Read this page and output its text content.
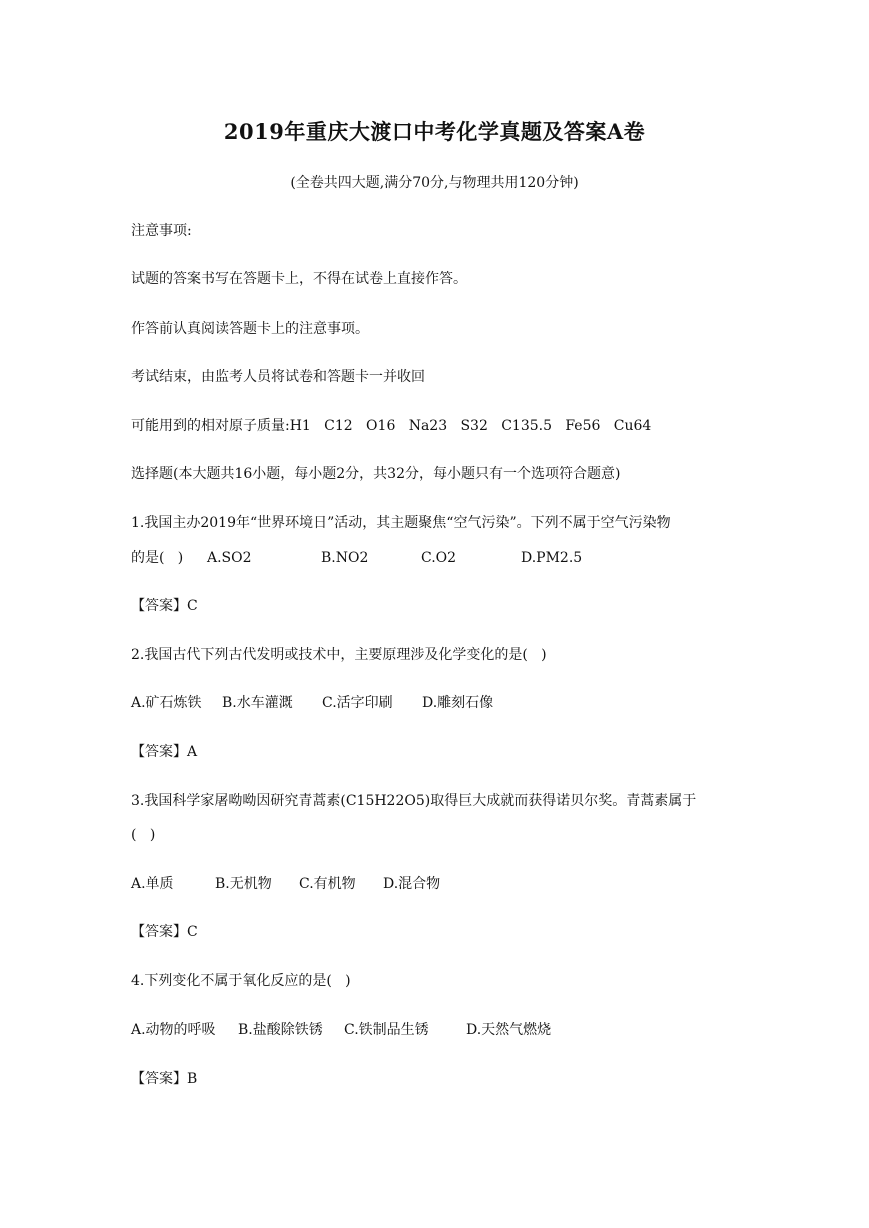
2019年重庆大渡口中考化学真题及答案A卷
(全卷共四大题,满分70分,与物理共用120分钟)
注意事项:
试题的答案书写在答题卡上，不得在试卷上直接作答。
作答前认真阅读答题卡上的注意事项。
考试结束，由监考人员将试卷和答题卡一并收回
可能用到的相对原子质量:H1   C12   O16   Na23   S32   C135.5   Fe56   Cu64
选择题(本大题共16小题，每小题2分，共32分，每小题只有一个选项符合题意)
1.我国主办2019年“世界环境日”活动，其主题聚焦“空气污染”。下列不属于空气污染物
的是(   )

A.SO2

	B.NO2

	C.O2

	D.PM2.5

【答案】C
2.我国古代下列古代发明或技术中，主要原理涉及化学变化的是(   )

A.矿石炼铁

B.水车灌溉

C.活字印刷

D.雕刻石像

【答案】A
3.我国科学家屠呦呦因研究青蒿素(C15H22O5)取得巨大成就而获得诺贝尔奖。青蒿素属于
(   )

A.单质

	B.无机物

C.有机物

D.混合物

【答案】C
4.下列变化不属于氧化反应的是(   )

A.动物的呼吸

B.盐酸除铁锈

C.铁制品生锈

	D.天然气燃烧

【答案】B
